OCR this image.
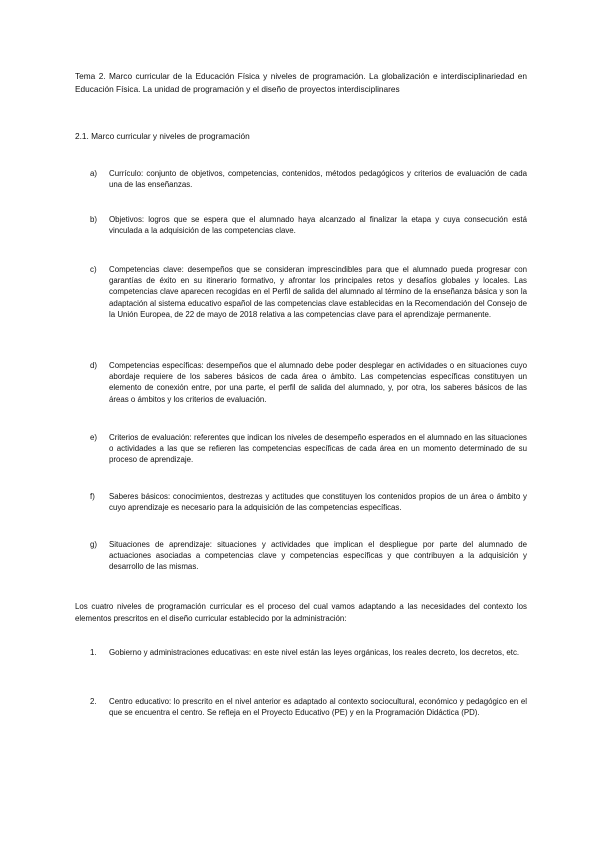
Tema 2. Marco curricular de la Educación Física y niveles de programación. La globalización e interdisciplinariedad en Educación Física. La unidad de programación y el diseño de proyectos interdisciplinares
2.1. Marco curricular y niveles de programación
a) Currículo: conjunto de objetivos, competencias, contenidos, métodos pedagógicos y criterios de evaluación de cada una de las enseñanzas.
b) Objetivos: logros que se espera que el alumnado haya alcanzado al finalizar la etapa y cuya consecución está vinculada a la adquisición de las competencias clave.
c) Competencias clave: desempeños que se consideran imprescindibles para que el alumnado pueda progresar con garantías de éxito en su itinerario formativo, y afrontar los principales retos y desafíos globales y locales. Las competencias clave aparecen recogidas en el Perfil de salida del alumnado al término de la enseñanza básica y son la adaptación al sistema educativo español de las competencias clave establecidas en la Recomendación del Consejo de la Unión Europea, de 22 de mayo de 2018 relativa a las competencias clave para el aprendizaje permanente.
d) Competencias específicas: desempeños que el alumnado debe poder desplegar en actividades o en situaciones cuyo abordaje requiere de los saberes básicos de cada área o ámbito. Las competencias específicas constituyen un elemento de conexión entre, por una parte, el perfil de salida del alumnado, y, por otra, los saberes básicos de las áreas o ámbitos y los criterios de evaluación.
e) Criterios de evaluación: referentes que indican los niveles de desempeño esperados en el alumnado en las situaciones o actividades a las que se refieren las competencias específicas de cada área en un momento determinado de su proceso de aprendizaje.
f) Saberes básicos: conocimientos, destrezas y actitudes que constituyen los contenidos propios de un área o ámbito y cuyo aprendizaje es necesario para la adquisición de las competencias específicas.
g) Situaciones de aprendizaje: situaciones y actividades que implican el despliegue por parte del alumnado de actuaciones asociadas a competencias clave y competencias específicas y que contribuyen a la adquisición y desarrollo de las mismas.
Los cuatro niveles de programación curricular es el proceso del cual vamos adaptando a las necesidades del contexto los elementos prescritos en el diseño curricular establecido por la administración:
1. Gobierno y administraciones educativas: en este nivel están las leyes orgánicas, los reales decreto, los decretos, etc.
2. Centro educativo: lo prescrito en el nivel anterior es adaptado al contexto sociocultural, económico y pedagógico en el que se encuentra el centro. Se refleja en el Proyecto Educativo (PE) y en la Programación Didáctica (PD).
